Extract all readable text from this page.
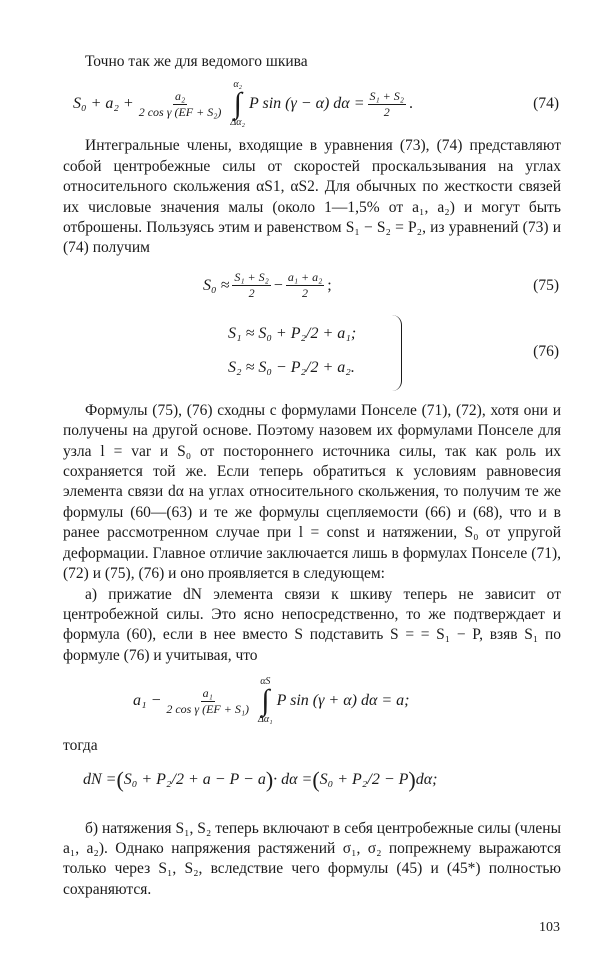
Точно так же для ведомого шкива

$S_0 + a_2 + \frac{\text{a₂}}{\text{2 cos γ (EF + S₂)}}$
α₂
∫
Δα₂
P sin (γ − α) $d\alpha = \frac{\text{S₁ + S₂}}{2}$ .	(74)

Интегральные члены, входящие в уравнения (73), (74) представляют собой центробежные силы от скоростей проскальзывания на углах относительного скольжения αS1, αS2. Для обычных по жесткости связей их числовые значения малы (около 1—1,5% от a₁, a₂) и могут быть отброшены. Пользуясь этим и равенством S₁ − S₂ = P₂, из уравнений (73) и (74) получим

$S_0 \approx \frac{\text{S₁ + S₂}}{2} - \frac{\text{a₁ + a₂}}{2}$ ;	(75)
S₁ ≈ S₀ + P₂/2 + a₁;
S₂ ≈ S₀ − P₂/2 + a₂.
(76)

Формулы (75), (76) сходны с формулами Понселе (71), (72), хотя они и получены на другой основе. Поэтому назовем их формулами Понселе для узла l = var и S₀ от постороннего источника силы, так как роль их сохраняется той же. Если теперь обратиться к условиям равновесия элемента связи dα на углах относительного скольжения, то получим те же формулы (60—(63) и те же формулы сцепляемости (66) и (68), что и в ранее рассмотренном случае при l = const и натяжении, S₀ от упругой деформации. Главное отличие заключается лишь в формулах Понселе (71), (72) и (75), (76) и оно проявляется в следующем:

а) прижатие dN элемента связи к шкиву теперь не зависит от центробежной силы. Это ясно непосредственно, то же подтверждает и формула (60), если в нее вместо S подставить S = = S₁ − P, взяв S₁ по формуле (76) и учитывая, что

$a_1 - \frac{\text{a₁}}{\text{2 cos γ (EF + S₁)}}$
αS
∫
Δα₁
P sin (γ + α) dα = a;

тогда

dN = ( S₀ + P₂/2 + a − P − a ) · dα = ( S₀ + P₂/2 − P ) dα;

б) натяжения S₁, S₂ теперь включают в себя центробежные силы (члены a₁, a₂). Однако напряжения растяжений σ₁, σ₂ попрежнему выражаются только через S₁, S₂, вследствие чего формулы (45) и (45*) полностью сохраняются.

103
